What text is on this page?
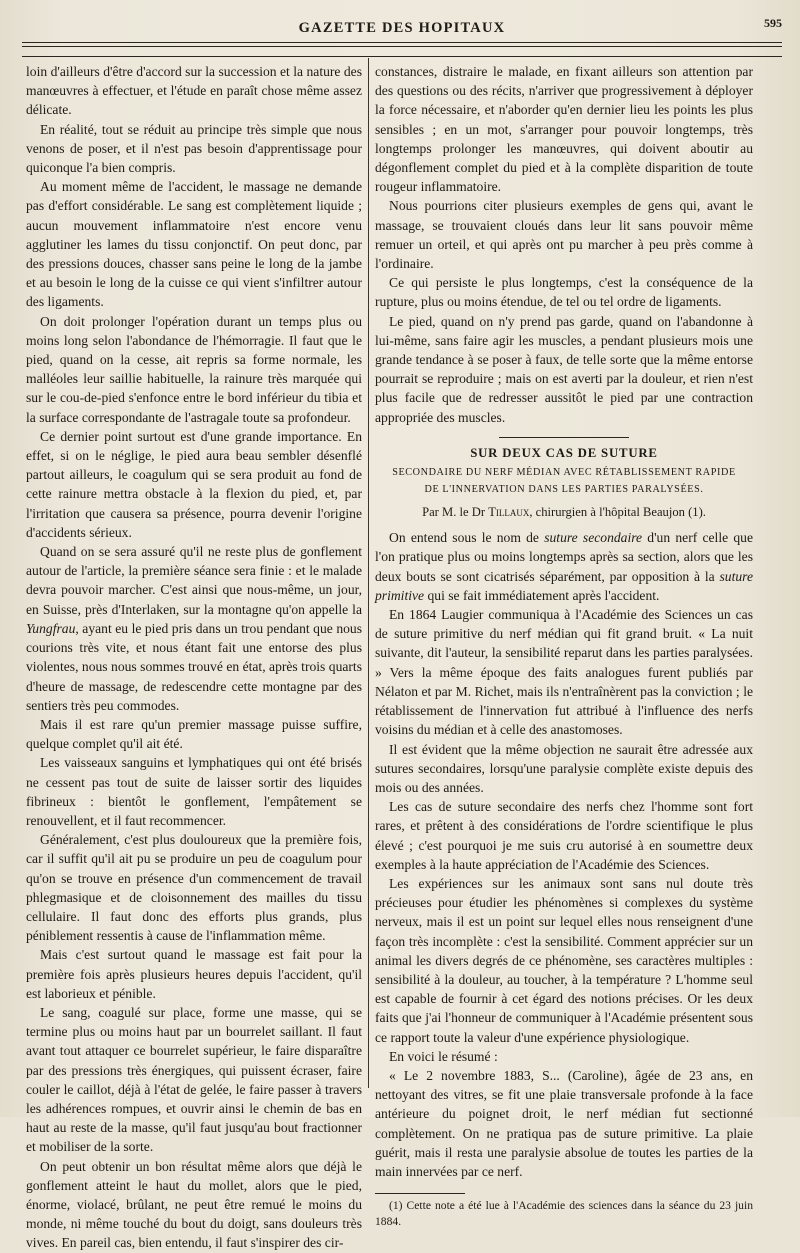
GAZETTE DES HOPITAUX	595

loin d'ailleurs d'être d'accord sur la succession et la nature des manœuvres à effectuer, et l'étude en paraît chose même assez délicate.

En réalité, tout se réduit au principe très simple que nous venons de poser, et il n'est pas besoin d'apprentissage pour quiconque l'a bien compris.

Au moment même de l'accident, le massage ne demande pas d'effort considérable. Le sang est complètement liquide ; aucun mouvement inflammatoire n'est encore venu agglutiner les lames du tissu conjonctif. On peut donc, par des pressions douces, chasser sans peine le long de la jambe et au besoin le long de la cuisse ce qui vient s'infiltrer autour des ligaments.

On doit prolonger l'opération durant un temps plus ou moins long selon l'abondance de l'hémorragie. Il faut que le pied, quand on la cesse, ait repris sa forme normale, les malléoles leur saillie habituelle, la rainure très marquée qui sur le cou-de-pied s'enfonce entre le bord inférieur du tibia et la surface correspondante de l'astragale toute sa profondeur.

Ce dernier point surtout est d'une grande importance. En effet, si on le néglige, le pied aura beau sembler désenflé partout ailleurs, le coagulum qui se sera produit au fond de cette rainure mettra obstacle à la flexion du pied, et, par l'irritation que causera sa présence, pourra devenir l'origine d'accidents sérieux.

Quand on se sera assuré qu'il ne reste plus de gonflement autour de l'article, la première séance sera finie : et le malade devra pouvoir marcher. C'est ainsi que nous-même, un jour, en Suisse, près d'Interlaken, sur la montagne qu'on appelle la Yungfrau, ayant eu le pied pris dans un trou pendant que nous courions très vite, et nous étant fait une entorse des plus violentes, nous nous sommes trouvé en état, après trois quarts d'heure de massage, de redescendre cette montagne par des sentiers très peu commodes.

Mais il est rare qu'un premier massage puisse suffire, quelque complet qu'il ait été.

Les vaisseaux sanguins et lymphatiques qui ont été brisés ne cessent pas tout de suite de laisser sortir des liquides fibrineux : bientôt le gonflement, l'empâtement se renouvellent, et il faut recommencer.

Généralement, c'est plus douloureux que la première fois, car il suffit qu'il ait pu se produire un peu de coagulum pour qu'on se trouve en présence d'un commencement de travail phlegmasique et de cloisonnement des mailles du tissu cellulaire. Il faut donc des efforts plus grands, plus péniblement ressentis à cause de l'inflammation même.

Mais c'est surtout quand le massage est fait pour la première fois après plusieurs heures depuis l'accident, qu'il est laborieux et pénible.

Le sang, coagulé sur place, forme une masse, qui se termine plus ou moins haut par un bourrelet saillant. Il faut avant tout attaquer ce bourrelet supérieur, le faire disparaître par des pressions très énergiques, qui puissent écraser, faire couler le caillot, déjà à l'état de gelée, le faire passer à travers les adhérences rompues, et ouvrir ainsi le chemin de bas en haut au reste de la masse, qu'il faut jusqu'au bout fractionner et mobiliser de la sorte.

On peut obtenir un bon résultat même alors que déjà le gonflement atteint le haut du mollet, alors que le pied, énorme, violacé, brûlant, ne peut être remué le moins du monde, ni même touché du bout du doigt, sans douleurs très vives. En pareil cas, bien entendu, il faut s'inspirer des cir-

constances, distraire le malade, en fixant ailleurs son attention par des questions ou des récits, n'arriver que progressivement à déployer la force nécessaire, et n'aborder qu'en dernier lieu les points les plus sensibles ; en un mot, s'arranger pour pouvoir longtemps, très longtemps prolonger les manœuvres, qui doivent aboutir au dégonflement complet du pied et à la complète disparition de toute rougeur inflammatoire.

Nous pourrions citer plusieurs exemples de gens qui, avant le massage, se trouvaient cloués dans leur lit sans pouvoir même remuer un orteil, et qui après ont pu marcher à peu près comme à l'ordinaire.

Ce qui persiste le plus longtemps, c'est la conséquence de la rupture, plus ou moins étendue, de tel ou tel ordre de ligaments.

Le pied, quand on n'y prend pas garde, quand on l'abandonne à lui-même, sans faire agir les muscles, a pendant plusieurs mois une grande tendance à se poser à faux, de telle sorte que la même entorse pourrait se reproduire ; mais on est averti par la douleur, et rien n'est plus facile que de redresser aussitôt le pied par une contraction appropriée des muscles.

SUR DEUX CAS DE SUTURE
SECONDAIRE DU NERF MÉDIAN AVEC RÉTABLISSEMENT RAPIDE
DE L'INNERVATION DANS LES PARTIES PARALYSÉES.
Par M. le Dr Tillaux, chirurgien à l'hôpital Beaujon (1).

On entend sous le nom de suture secondaire d'un nerf celle que l'on pratique plus ou moins longtemps après sa section, alors que les deux bouts se sont cicatrisés séparément, par opposition à la suture primitive qui se fait immédiatement après l'accident.

En 1864 Laugier communiqua à l'Académie des Sciences un cas de suture primitive du nerf médian qui fit grand bruit. « La nuit suivante, dit l'auteur, la sensibilité reparut dans les parties paralysées. » Vers la même époque des faits analogues furent publiés par Nélaton et par M. Richet, mais ils n'entraînèrent pas la conviction ; le rétablissement de l'innervation fut attribué à l'influence des nerfs voisins du médian et à celle des anastomoses.

Il est évident que la même objection ne saurait être adressée aux sutures secondaires, lorsqu'une paralysie complète existe depuis des mois ou des années.

Les cas de suture secondaire des nerfs chez l'homme sont fort rares, et prêtent à des considérations de l'ordre scientifique le plus élevé ; c'est pourquoi je me suis cru autorisé à en soumettre deux exemples à la haute appréciation de l'Académie des Sciences.

Les expériences sur les animaux sont sans nul doute très précieuses pour étudier les phénomènes si complexes du système nerveux, mais il est un point sur lequel elles nous renseignent d'une façon très incomplète : c'est la sensibilité. Comment apprécier sur un animal les divers degrés de ce phénomène, ses caractères multiples : sensibilité à la douleur, au toucher, à la température ? L'homme seul est capable de fournir à cet égard des notions précises. Or les deux faits que j'ai l'honneur de communiquer à l'Académie présentent sous ce rapport toute la valeur d'une expérience physiologique.

En voici le résumé :

« Le 2 novembre 1883, S... (Caroline), âgée de 23 ans, en nettoyant des vitres, se fit une plaie transversale profonde à la face antérieure du poignet droit, le nerf médian fut sectionné complètement. On ne pratiqua pas de suture primitive. La plaie guérit, mais il resta une paralysie absolue de toutes les parties de la main innervées par ce nerf.

(1) Cette note a été lue à l'Académie des sciences dans la séance du 23 juin 1884.
